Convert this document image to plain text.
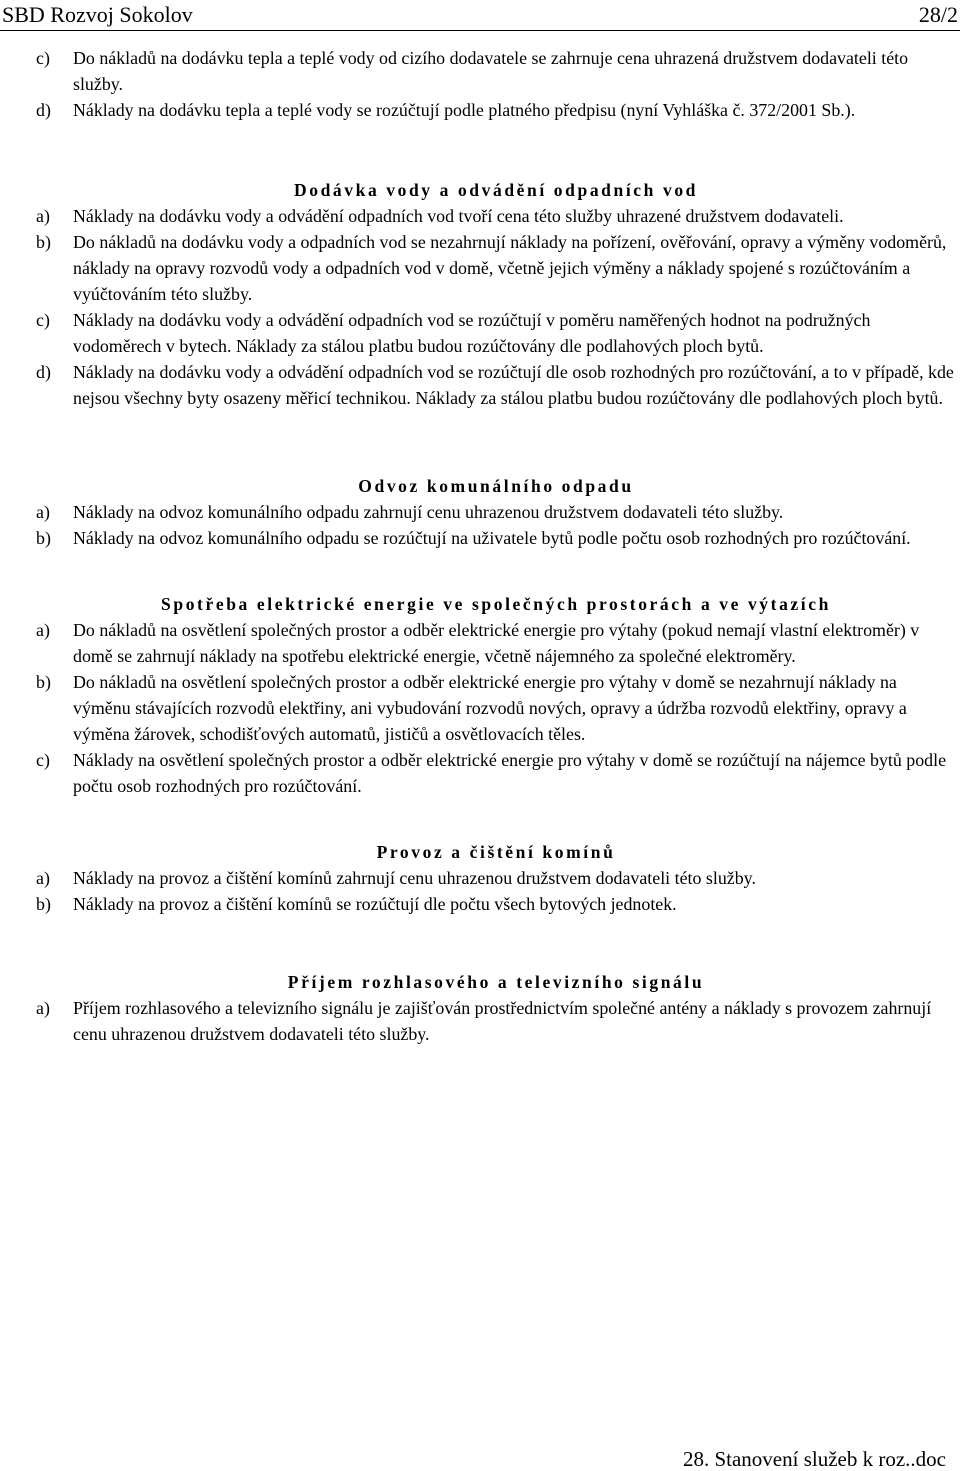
SBD Rozvoj Sokolov	28/2
c) Do nákladů na dodávku tepla a teplé vody od cizího dodavatele se zahrnuje cena uhrazená družstvem dodavateli této služby.
d) Náklady na dodávku tepla a teplé vody se rozúčtují podle platného předpisu (nyní Vyhláška č. 372/2001 Sb.).
Dodávka vody a odvádění odpadních vod
a) Náklady na dodávku vody a odvádění odpadních vod tvoří cena této služby uhrazené družstvem dodavateli.
b) Do nákladů na dodávku vody a odpadních vod se nezahrnují náklady na pořízení, ověřování, opravy a výměny vodoměrů, náklady na opravy rozvodů vody a odpadních vod v domě, včetně jejich výměny a náklady spojené s rozúčtováním a vyúčtováním této služby.
c) Náklady na dodávku vody a odvádění odpadních vod se rozúčtují v poměru naměřených hodnot na podružných vodoměrech v bytech. Náklady za stálou platbu budou rozúčtovány dle podlahových ploch bytů.
d) Náklady na dodávku vody a odvádění odpadních vod se rozúčtují dle osob rozhodných pro rozúčtování, a to v případě, kde nejsou všechny byty osazeny měřicí technikou. Náklady za stálou platbu budou rozúčtovány dle podlahových ploch bytů.
Odvoz komunálního odpadu
a) Náklady na odvoz komunálního odpadu zahrnují cenu uhrazenou družstvem dodavateli této služby.
b) Náklady na odvoz komunálního odpadu se rozúčtují na uživatele bytů podle počtu osob rozhodných pro rozúčtování.
Spotřeba elektrické energie ve společných prostorách a ve výtazích
a) Do nákladů na osvětlení společných prostor a odběr elektrické energie pro výtahy (pokud nemají vlastní elektroměr) v domě se zahrnují náklady na spotřebu elektrické energie, včetně nájemného za společné elektroměry.
b) Do nákladů na osvětlení společných prostor a odběr elektrické energie pro výtahy v domě se nezahrnují náklady na výměnu stávajících rozvodů elektřiny, ani vybudování rozvodů nových, opravy a údržba rozvodů elektřiny, opravy a výměna žárovek, schodišťových automatů, jističů a osvětlovacích těles.
c) Náklady na osvětlení společných prostor a odběr elektrické energie pro výtahy v domě se rozúčtují na nájemce bytů podle počtu osob rozhodných pro rozúčtování.
Provoz a čištění komínů
a) Náklady na provoz a čištění komínů zahrnují cenu uhrazenou družstvem dodavateli této služby.
b) Náklady na provoz a čištění komínů se rozúčtují dle počtu všech bytových jednotek.
Příjem rozhlasového a televizního signálu
a) Příjem rozhlasového a televizního signálu je zajišťován prostřednictvím společné antény a náklady s provozem zahrnují cenu uhrazenou družstvem dodavateli této služby.
28. Stanovení služeb k roz..doc
